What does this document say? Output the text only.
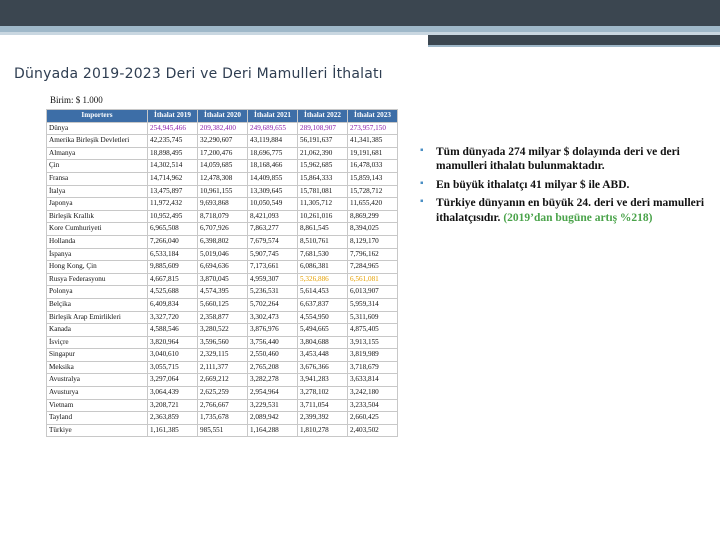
Dünyada 2019-2023 Deri ve Deri Mamulleri İthalatı
Birim: $ 1.000
Importers	İthalat 2019	İthalat 2020	İthalat 2021	İthalat 2022	İthalat 2023
Dünya	254,945,466	209,382,400	249,689,655	289,108,907	273,957,150
Amerika Birleşik Devletleri	42,235,745	32,290,607	43,119,884	56,191,637	41,341,385
Almanya	18,898,495	17,200,476	18,696,775	21,062,390	19,191,681
Çin	14,302,514	14,059,685	18,168,466	15,962,685	16,478,033
Fransa	14,714,962	12,478,308	14,409,855	15,864,333	15,859,143
İtalya	13,475,897	10,961,155	13,309,645	15,781,081	15,728,712
Japonya	11,972,432	9,693,868	10,050,549	11,305,712	11,655,420
Birleşik Krallık	10,952,495	8,718,079	8,421,093	10,261,016	8,869,299
Kore Cumhuriyeti	6,965,508	6,707,926	7,863,277	8,861,545	8,394,025
Hollanda	7,266,040	6,398,802	7,679,574	8,510,761	8,129,170
İspanya	6,533,184	5,019,046	5,907,745	7,681,530	7,796,162
Hong Kong, Çin	9,885,609	6,694,636	7,173,661	6,086,381	7,284,965
Rusya Federasyonu	4,667,815	3,870,045	4,959,307	5,326,886	6,561,081
Polonya	4,525,688	4,574,395	5,236,531	5,614,453	6,013,907
Belçika	6,409,834	5,660,125	5,702,264	6,637,837	5,959,314
Birleşik Arap Emirlikleri	3,327,720	2,358,877	3,302,473	4,554,950	5,311,609
Kanada	4,588,546	3,280,522	3,876,976	5,494,665	4,875,405
İsviçre	3,820,964	3,596,560	3,756,440	3,804,688	3,913,155
Singapur	3,040,610	2,329,115	2,550,460	3,453,448	3,819,989
Meksika	3,055,715	2,111,377	2,765,208	3,676,366	3,718,679
Avustralya	3,297,064	2,669,212	3,282,278	3,941,283	3,633,814
Avusturya	3,064,439	2,625,259	2,954,964	3,278,102	3,242,180
Vietnam	3,208,721	2,766,667	3,229,531	3,711,054	3,233,504
Tayland	2,363,859	1,735,678	2,089,942	2,399,392	2,660,425
Türkiye	1,161,385	985,551	1,164,288	1,810,278	2,403,502
▪ Tüm dünyada 274 milyar $ dolayında deri ve deri mamulleri ithalatı bulunmaktadır.
▪ En büyük ithalatçı 41 milyar $ ile ABD.
▪ Türkiye dünyanın en büyük 24. deri ve deri mamulleri ithalatçısıdır. (2019’dan bugüne artış %218)
